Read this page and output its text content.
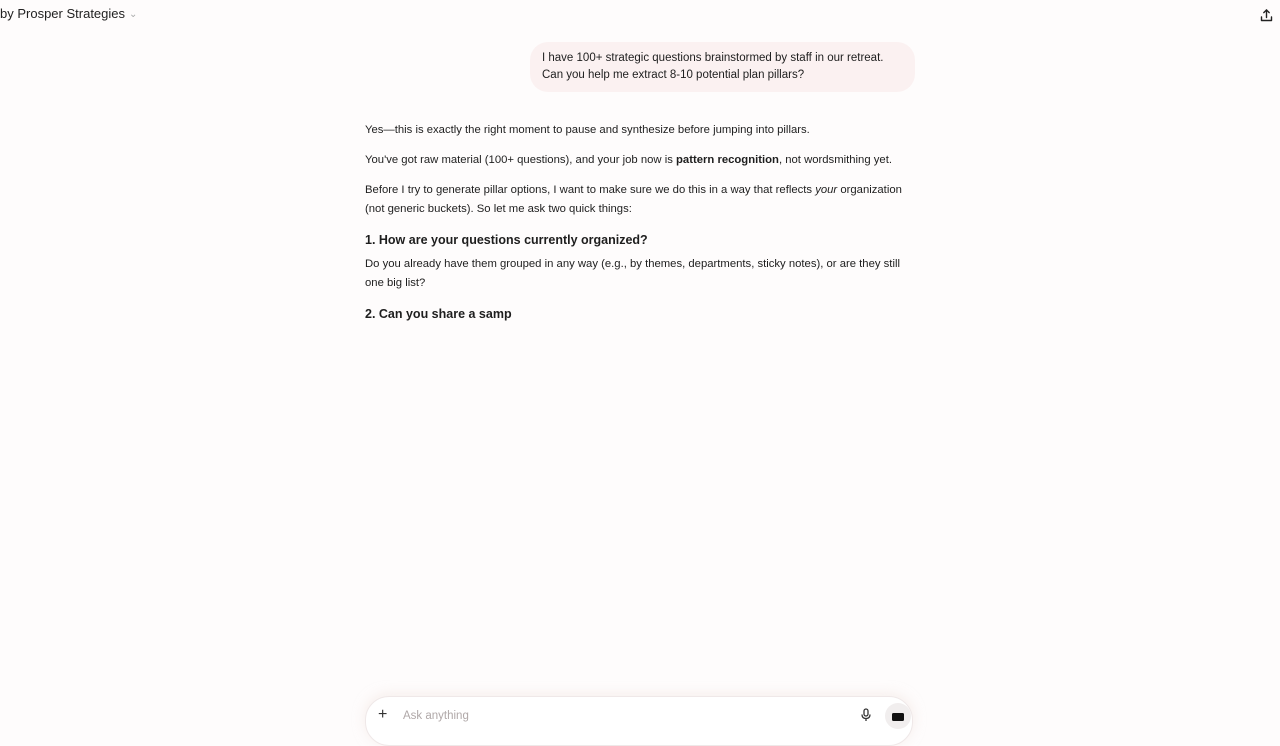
by Prosper Strategies ⌄
I have 100+ strategic questions brainstormed by staff in our retreat.
Can you help me extract 8-10 potential plan pillars?

Yes—this is exactly the right moment to pause and synthesize before jumping into pillars.

You've got raw material (100+ questions), and your job now is pattern recognition, not wordsmithing yet.

Before I try to generate pillar options, I want to make sure we do this in a way that reflects your organization (not generic buckets). So let me ask two quick things:

1. How are your questions currently organized?

Do you already have them grouped in any way (e.g., by themes, departments, sticky notes), or are they still one big list?

2. Can you share a samp
+
Ask anything
